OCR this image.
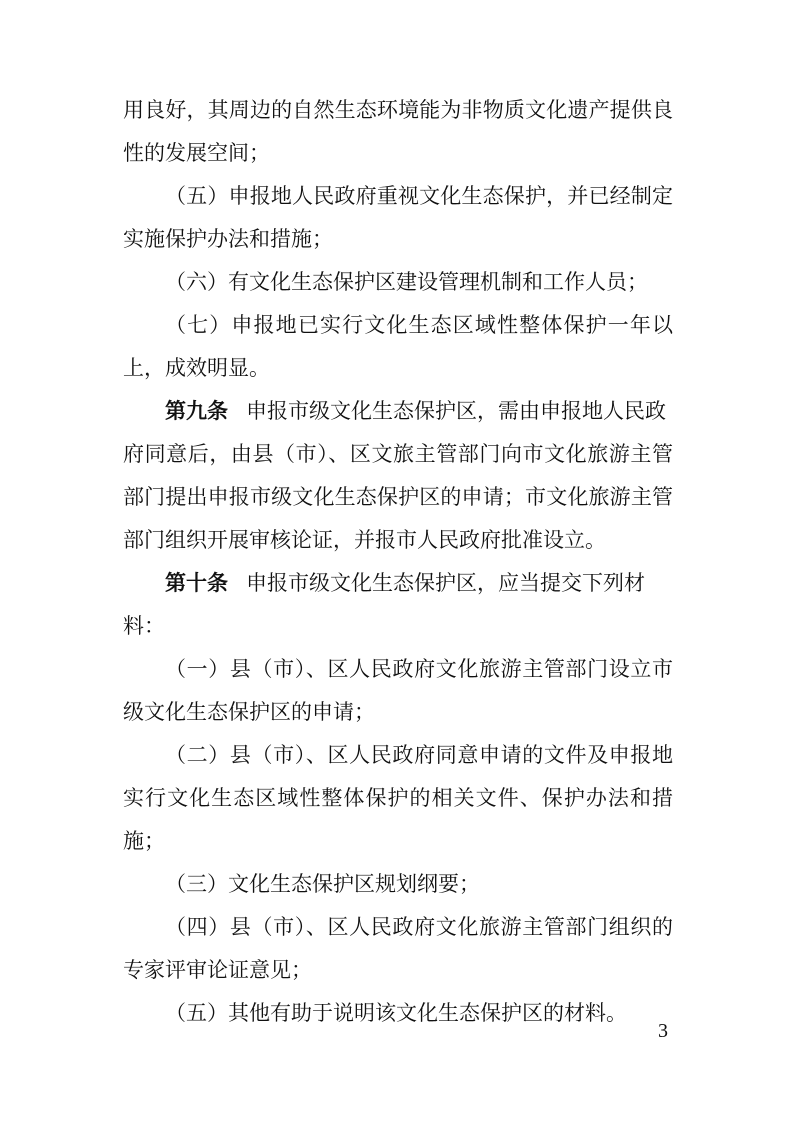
用良好，其周边的自然生态环境能为非物质文化遗产提供良
性的发展空间；
（五）申报地人民政府重视文化生态保护，并已经制定
实施保护办法和措施；
（六）有文化生态保护区建设管理机制和工作人员；
（七）申报地已实行文化生态区域性整体保护一年以
上，成效明显。
第九条 申报市级文化生态保护区，需由申报地人民政
府同意后，由县（市）、区文旅主管部门向市文化旅游主管
部门提出申报市级文化生态保护区的申请；市文化旅游主管
部门组织开展审核论证，并报市人民政府批准设立。
第十条 申报市级文化生态保护区，应当提交下列材
料：
（一）县（市）、区人民政府文化旅游主管部门设立市
级文化生态保护区的申请；
（二）县（市）、区人民政府同意申请的文件及申报地
实行文化生态区域性整体保护的相关文件、保护办法和措
施；
（三）文化生态保护区规划纲要；
（四）县（市）、区人民政府文化旅游主管部门组织的
专家评审论证意见；
（五）其他有助于说明该文化生态保护区的材料。
3
